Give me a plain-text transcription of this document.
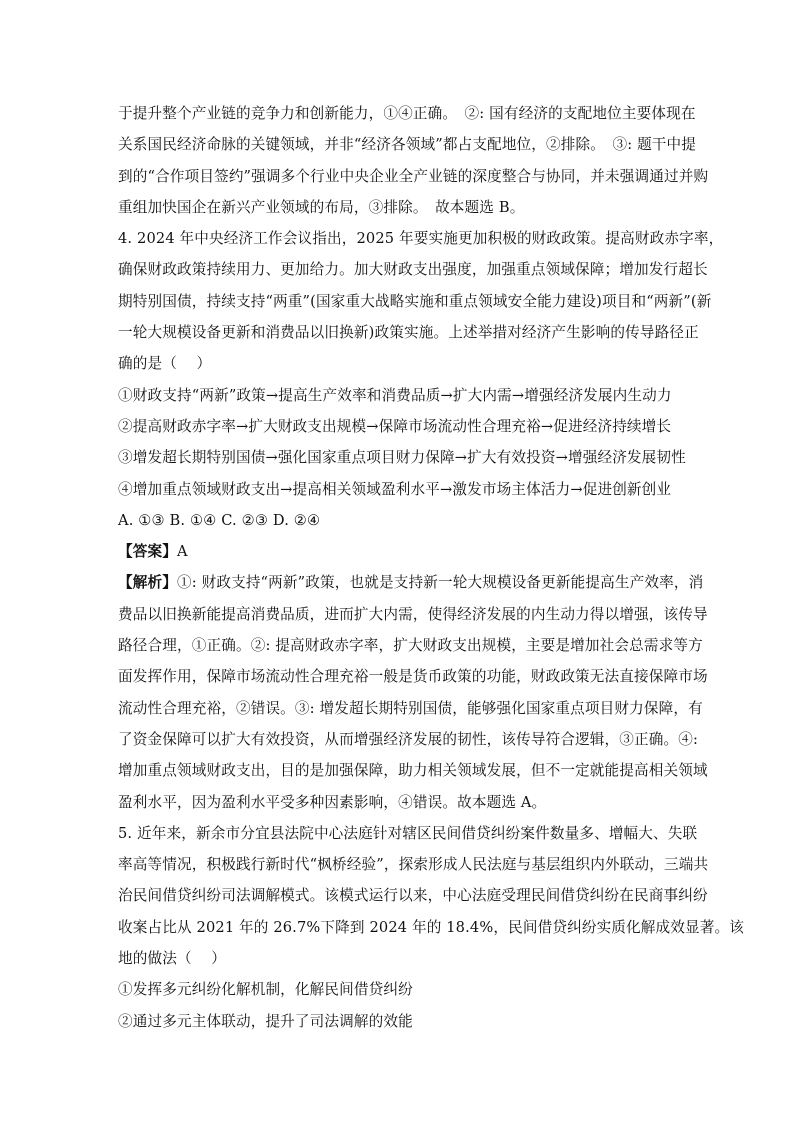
于提升整个产业链的竞争力和创新能力，①④正确。　②: 国有经济的支配地位主要体现在
关系国民经济命脉的关键领域，并非“经济各领域”都占支配地位，②排除。　③: 题干中提
到的“合作项目签约”强调多个行业中央企业全产业链的深度整合与协同，并未强调通过并购
重组加快国企在新兴产业领域的布局，③排除。　故本题选 B。
4. 2024 年中央经济工作会议指出，2025 年要实施更加积极的财政政策。提高财政赤字率，
确保财政政策持续用力、更加给力。加大财政支出强度，加强重点领域保障；增加发行超长
期特别国债，持续支持“两重”(国家重大战略实施和重点领域安全能力建设)项目和“两新”(新
一轮大规模设备更新和消费品以旧换新)政策实施。上述举措对经济产生影响的传导路径正
确的是（　 ）
①财政支持“两新”政策→提高生产效率和消费品质→扩大内需→增强经济发展内生动力
②提高财政赤字率→扩大财政支出规模→保障市场流动性合理充裕→促进经济持续增长
③增发超长期特别国债→强化国家重点项目财力保障→扩大有效投资→增强经济发展韧性
④增加重点领域财政支出→提高相关领域盈利水平→激发市场主体活力→促进创新创业
A. ①③ B. ①④ C. ②③ D. ②④
【答案】A
【解析】①: 财政支持“两新”政策，也就是支持新一轮大规模设备更新能提高生产效率，消
费品以旧换新能提高消费品质，进而扩大内需，使得经济发展的内生动力得以增强，该传导
路径合理，①正确。②: 提高财政赤字率，扩大财政支出规模，主要是增加社会总需求等方
面发挥作用，保障市场流动性合理充裕一般是货币政策的功能，财政政策无法直接保障市场
流动性合理充裕，②错误。③: 增发超长期特别国债，能够强化国家重点项目财力保障，有
了资金保障可以扩大有效投资，从而增强经济发展的韧性，该传导符合逻辑，③正确。④:
增加重点领域财政支出，目的是加强保障，助力相关领域发展，但不一定就能提高相关领域
盈利水平，因为盈利水平受多种因素影响，④错误。故本题选 A。
5. 近年来，新余市分宜县法院中心法庭针对辖区民间借贷纠纷案件数量多、增幅大、失联
率高等情况，积极践行新时代“枫桥经验”，探索形成人民法庭与基层组织内外联动，三端共
治民间借贷纠纷司法调解模式。该模式运行以来，中心法庭受理民间借贷纠纷在民商事纠纷
收案占比从 2021 年的 26.7%下降到 2024 年的 18.4%，民间借贷纠纷实质化解成效显著。该
地的做法（　 ）
①发挥多元纠纷化解机制，化解民间借贷纠纷
②通过多元主体联动，提升了司法调解的效能
